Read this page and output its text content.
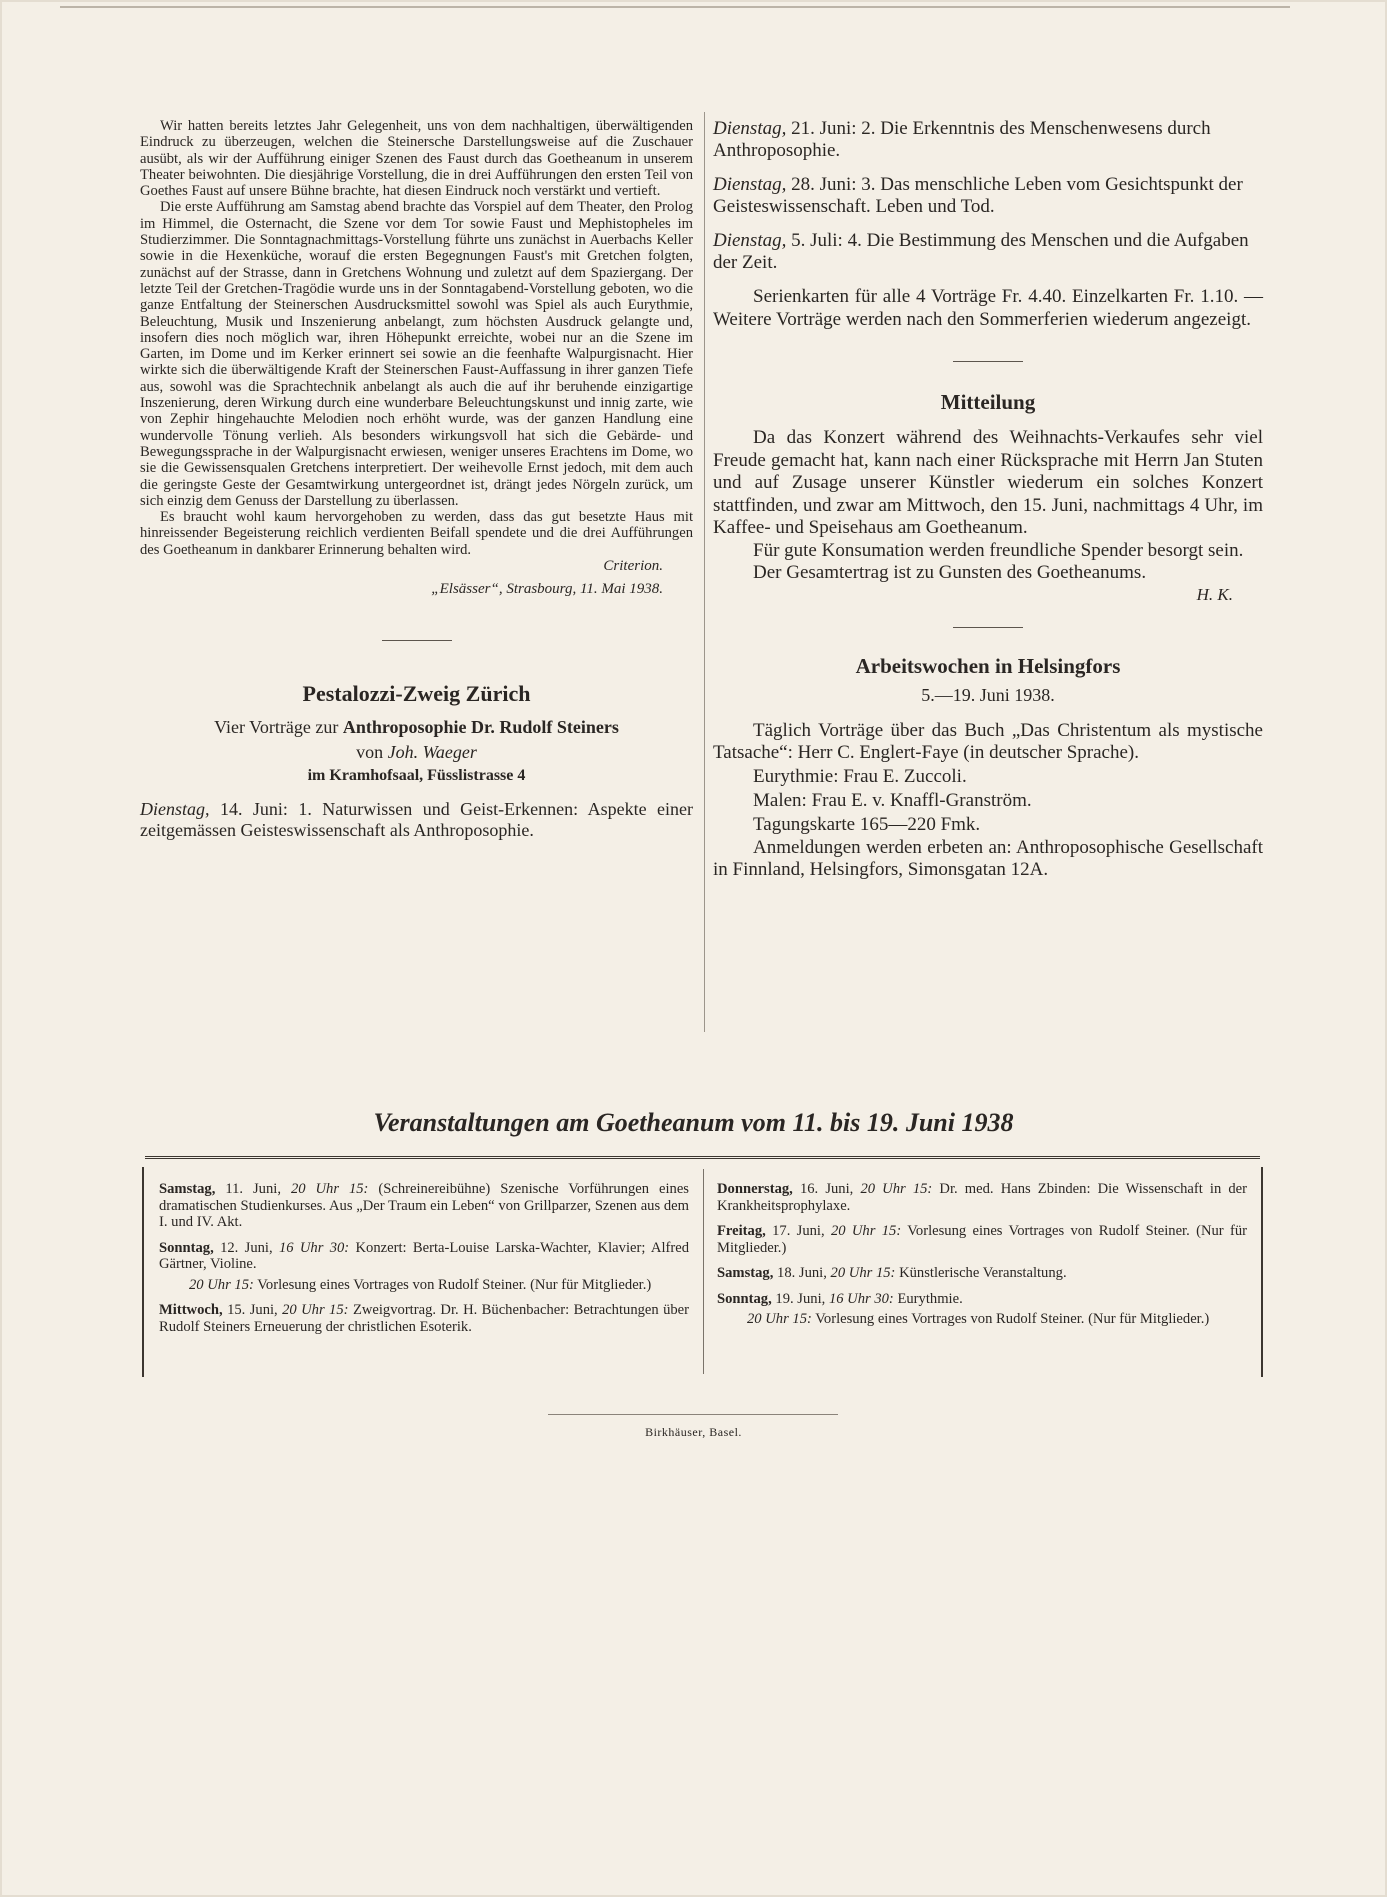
Wir hatten bereits letztes Jahr Gelegenheit, uns von dem nachhaltigen, überwältigenden Eindruck zu überzeugen, welchen die Steinersche Darstellungsweise auf die Zuschauer ausübt, als wir der Aufführung einiger Szenen des Faust durch das Goetheanum in unserem Theater beiwohnten. Die diesjährige Vorstellung, die in drei Aufführungen den ersten Teil von Goethes Faust auf unsere Bühne brachte, hat diesen Eindruck noch verstärkt und vertieft.

Die erste Aufführung am Samstag abend brachte das Vorspiel auf dem Theater, den Prolog im Himmel, die Osternacht, die Szene vor dem Tor sowie Faust und Mephistopheles im Studierzimmer. Die Sonntagnachmittags-Vorstellung führte uns zunächst in Auerbachs Keller sowie in die Hexenküche, worauf die ersten Begegnungen Faust's mit Gretchen folgten, zunächst auf der Strasse, dann in Gretchens Wohnung und zuletzt auf dem Spaziergang. Der letzte Teil der Gretchen-Tragödie wurde uns in der Sonntagabend-Vorstellung geboten, wo die ganze Entfaltung der Steinerschen Ausdrucksmittel sowohl was Spiel als auch Eurythmie, Beleuchtung, Musik und Inszenierung anbelangt, zum höchsten Ausdruck gelangte und, insofern dies noch möglich war, ihren Höhepunkt erreichte, wobei nur an die Szene im Garten, im Dome und im Kerker erinnert sei sowie an die feenhafte Walpurgisnacht. Hier wirkte sich die überwältigende Kraft der Steinerschen Faust-Auffassung in ihrer ganzen Tiefe aus, sowohl was die Sprachtechnik anbelangt als auch die auf ihr beruhende einzigartige Inszenierung, deren Wirkung durch eine wunderbare Beleuchtungskunst und innig zarte, wie von Zephir hingehauchte Melodien noch erhöht wurde, was der ganzen Handlung eine wundervolle Tönung verlieh. Als besonders wirkungsvoll hat sich die Gebärde- und Bewegungssprache in der Walpurgisnacht erwiesen, weniger unseres Erachtens im Dome, wo sie die Gewissensqualen Gretchens interpretiert. Der weihevolle Ernst jedoch, mit dem auch die geringste Geste der Gesamtwirkung untergeordnet ist, drängt jedes Nörgeln zurück, um sich einzig dem Genuss der Darstellung zu überlassen.

Es braucht wohl kaum hervorgehoben zu werden, dass das gut besetzte Haus mit hinreissender Begeisterung reichlich verdienten Beifall spendete und die drei Aufführungen des Goetheanum in dankbarer Erinnerung behalten wird.

Criterion.

„Elsässer“, Strasbourg, 11. Mai 1938.

Pestalozzi-Zweig Zürich

Vier Vorträge zur Anthroposophie Dr. Rudolf Steiners

von Joh. Waeger

im Kramhofsaal, Füsslistrasse 4

Dienstag, 14. Juni: 1. Naturwissen und Geist-Erkennen: Aspekte einer zeitgemässen Geisteswissenschaft als Anthroposophie.
Dienstag, 21. Juni: 2. Die Erkenntnis des Menschenwesens durch Anthroposophie.
Dienstag, 28. Juni: 3. Das menschliche Leben vom Gesichtspunkt der Geisteswissenschaft. Leben und Tod.
Dienstag, 5. Juli: 4. Die Bestimmung des Menschen und die Aufgaben der Zeit.

Serienkarten für alle 4 Vorträge Fr. 4.40. Einzelkarten Fr. 1.10. — Weitere Vorträge werden nach den Sommerferien wiederum angezeigt.

Mitteilung

Da das Konzert während des Weihnachts-Verkaufes sehr viel Freude gemacht hat, kann nach einer Rücksprache mit Herrn Jan Stuten und auf Zusage unserer Künstler wiederum ein solches Konzert stattfinden, und zwar am Mittwoch, den 15. Juni, nachmittags 4 Uhr, im Kaffee- und Speisehaus am Goetheanum.

Für gute Konsumation werden freundliche Spender besorgt sein.

Der Gesamtertrag ist zu Gunsten des Goetheanums.

H. K.

Arbeitswochen in Helsingfors

5.—19. Juni 1938.

Täglich Vorträge über das Buch „Das Christentum als mystische Tatsache“: Herr C. Englert-Faye (in deutscher Sprache).

Eurythmie: Frau E. Zuccoli.

Malen: Frau E. v. Knaffl-Granström.

Tagungskarte 165—220 Fmk.

Anmeldungen werden erbeten an: Anthroposophische Gesellschaft in Finnland, Helsingfors, Simonsgatan 12A.

Veranstaltungen am Goetheanum vom 11. bis 19. Juni 1938

Samstag, 11. Juni, 20 Uhr 15: (Schreinereibühne) Szenische Vorführungen eines dramatischen Studienkurses. Aus „Der Traum ein Leben“ von Grillparzer, Szenen aus dem I. und IV. Akt.

Sonntag, 12. Juni, 16 Uhr 30: Konzert: Berta-Louise Larska-Wachter, Klavier; Alfred Gärtner, Violine.
20 Uhr 15: Vorlesung eines Vortrages von Rudolf Steiner. (Nur für Mitglieder.)

Mittwoch, 15. Juni, 20 Uhr 15: Zweigvortrag. Dr. H. Büchenbacher: Betrachtungen über Rudolf Steiners Erneuerung der christlichen Esoterik.

Donnerstag, 16. Juni, 20 Uhr 15: Dr. med. Hans Zbinden: Die Wissenschaft in der Krankheitsprophylaxe.

Freitag, 17. Juni, 20 Uhr 15: Vorlesung eines Vortrages von Rudolf Steiner. (Nur für Mitglieder.)

Samstag, 18. Juni, 20 Uhr 15: Künstlerische Veranstaltung.

Sonntag, 19. Juni, 16 Uhr 30: Eurythmie.
20 Uhr 15: Vorlesung eines Vortrages von Rudolf Steiner. (Nur für Mitglieder.)

Birkhäuser, Basel.
